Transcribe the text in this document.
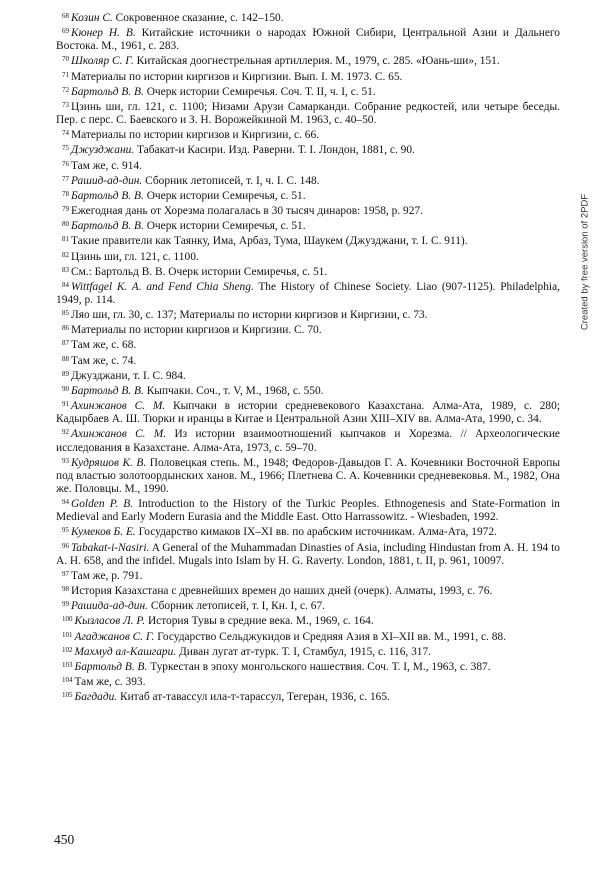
$^{68}$ Козин С. Сокровенное сказание, с. 142–150.

$^{69}$ Кюнер Н. В. Китайские источники о народах Южной Сибири, Центральной Азии и Дальнего Востока. М., 1961, с. 283.

$^{70}$ Школяр С. Г. Китайская доогнестрельная артиллерия. М., 1979, с. 285. «Юань-ши», 151.

$^{71}$ Материалы по истории киргизов и Киргизии. Вып. I. М. 1973. С. 65.

$^{72}$ Бартольд В. В. Очерк истории Семиречья. Соч. Т. II, ч. I, с. 51.

$^{73}$ Цзинь ши, гл. 121, с. 1100; Низами Арузи Самарканди. Собрание редкостей, или четыре беседы. Пер. с перс. С. Баевского и З. Н. Ворожейкиной М. 1963, с. 40–50.

$^{74}$ Материалы по истории киргизов и Киргизии, с. 66.

$^{75}$ Джузджани. Табакат-и Касири. Изд. Раверни. Т. I. Лондон, 1881, с. 90.

$^{76}$ Там же, с. 914.

$^{77}$ Рашид-ад-дин. Сборник летописей, т. I, ч. I. С. 148.

$^{78}$ Бартольд В. В. Очерк истории Семиречья, с. 51.

$^{79}$ Ежегодная дань от Хорезма полагалась в 30 тысяч динаров: 1958, р. 927.

$^{80}$ Бартольд В. В. Очерк истории Семиречья, с. 51.

$^{81}$ Такие правители как Таянку, Има, Арбаз, Тума, Шаукем (Джузджани, т. I. С. 911).

$^{82}$ Цзинь ши, гл. 121, с. 1100.

$^{83}$ См.: Бартольд В. В. Очерк истории Семиречья, с. 51.

$^{84}$ Wittfagel K. A. and Fend Chia Sheng. The History of Chinese Society. Liao (907-1125). Philadelphia, 1949, р. 114.

$^{85}$ Ляо ши, гл. 30, с. 137; Материалы по истории киргизов и Киргизии, с. 73.

$^{86}$ Материалы по истории киргизов и Киргизии. С. 70.

$^{87}$ Там же, с. 68.

$^{88}$ Там же, с. 74.

$^{89}$ Джузджани, т. I. С. 984.

$^{90}$ Бартольд В. В. Кыпчаки. Соч., т. V, М., 1968, с. 550.

$^{91}$ Ахинжанов С. М. Кыпчаки в истории средневекового Казахстана. Алма-Ата, 1989, с. 280; Кадырбаев А. Ш. Тюрки и иранцы в Китае и Центральной Азии XIII–XIV вв. Алма-Ата, 1990, с. 34.

$^{92}$ Ахинжанов С. М. Из истории взаимоотношений кыпчаков и Хорезма. // Археологические исследования в Казахстане. Алма-Ата, 1973, с. 59–70.

$^{93}$ Кудряшов К. В. Половецкая степь. М., 1948; Федоров-Давыдов Г. А. Кочевники Восточной Европы под властью золотоордынских ханов. М., 1966; Плетнева С. А. Кочевники средневековья. М., 1982, Она же. Половцы. М., 1990.

$^{94}$ Golden P. B. Introduction to the History of the Turkic Peoples. Ethnogenesis and State-Formation in Medieval and Early Modern Eurasia and the Middle East. Otto Harrassowitz. - Wiesbaden, 1992.

$^{95}$ Кумеков Б. Е. Государство кимаков IX–XI вв. по арабским источникам. Алма-Ата, 1972.

$^{96}$ Tabakat-i-Nasiri. A General of the Muhammadan Dinasties of Asia, including Hindustan from A. H. 194 to A. H. 658, and the infidel. Mugals into Islam by H. G. Raverty. London, 1881, t. II, р. 961, 10097.

$^{97}$ Там же, р. 791.

$^{98}$ История Казахстана с древнейших времен до наших дней (очерк). Алматы, 1993, с. 76.

$^{99}$ Рашида-ад-дин. Сборник летописей, т. I, Кн. I, с. 67.

$^{100}$ Кызласов Л. Р. История Тувы в средние века. М., 1969, с. 164.

$^{101}$ Агаджанов С. Г. Государство Сельджукидов и Средняя Азия в XI–XII вв. М., 1991, с. 88.

$^{102}$ Махмуд ал-Кашгари. Диван лугат ат-турк. Т. I, Стамбул, 1915, с. 116, 317.

$^{103}$ Бартольд В. В. Туркестан в эпоху монгольского нашествия. Соч. Т. I, М., 1963, с. 387.

$^{104}$ Там же, с. 393.

$^{105}$ Багдади. Китаб ат-тавассул ила-т-тарассул, Тегеран, 1936, с. 165.

450
Created by free version of 2PDF
